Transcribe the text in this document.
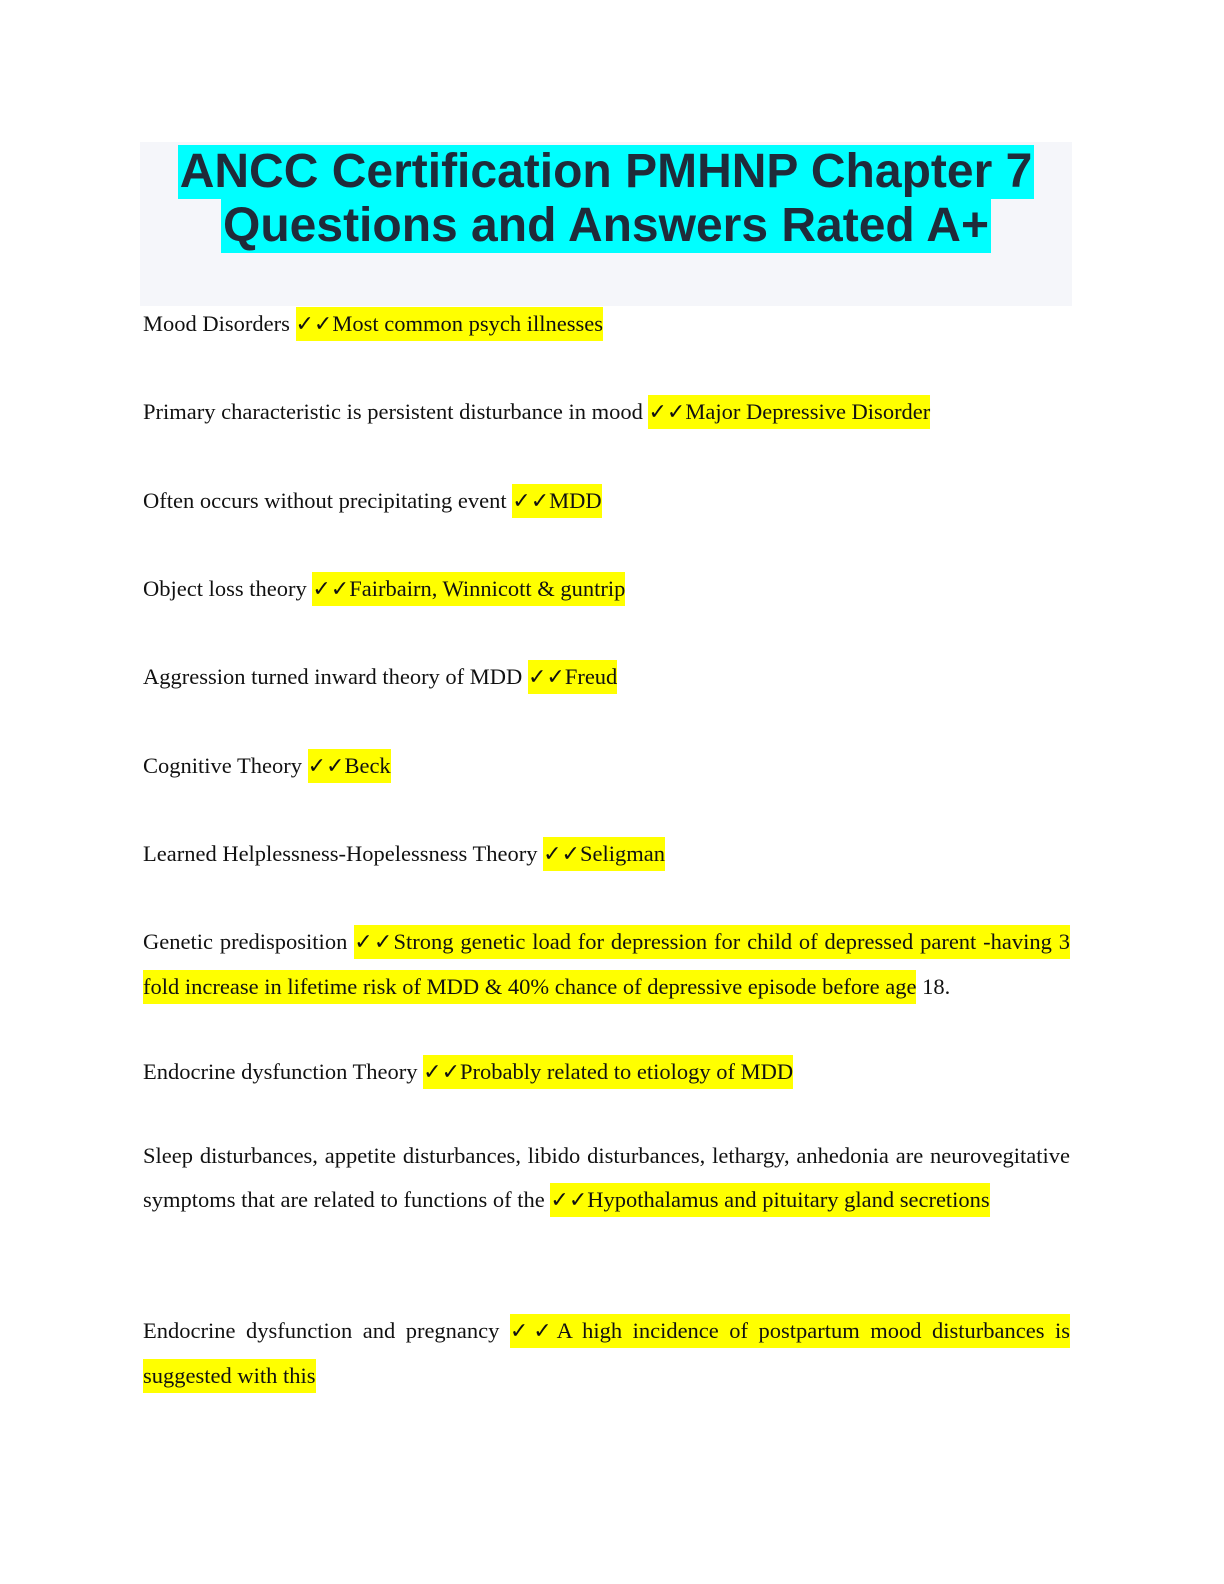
ANCC Certification PMHNP Chapter 7
Questions and Answers Rated A+
Mood Disorders ✓✓Most common psych illnesses
Primary characteristic is persistent disturbance in mood ✓✓Major Depressive Disorder
Often occurs without precipitating event ✓✓MDD
Object loss theory ✓✓Fairbairn, Winnicott & guntrip
Aggression turned inward theory of MDD ✓✓Freud
Cognitive Theory ✓✓Beck
Learned Helplessness-Hopelessness Theory ✓✓Seligman
Genetic predisposition ✓✓Strong genetic load for depression for child of depressed parent -having 3 fold increase in lifetime risk of MDD & 40% chance of depressive episode before age 18.
Endocrine dysfunction Theory ✓✓Probably related to etiology of MDD
Sleep disturbances, appetite disturbances, libido disturbances, lethargy, anhedonia are neurovegitative symptoms that are related to functions of the ✓✓Hypothalamus and pituitary gland secretions
Endocrine dysfunction and pregnancy ✓✓A high incidence of postpartum mood disturbances is suggested with this
